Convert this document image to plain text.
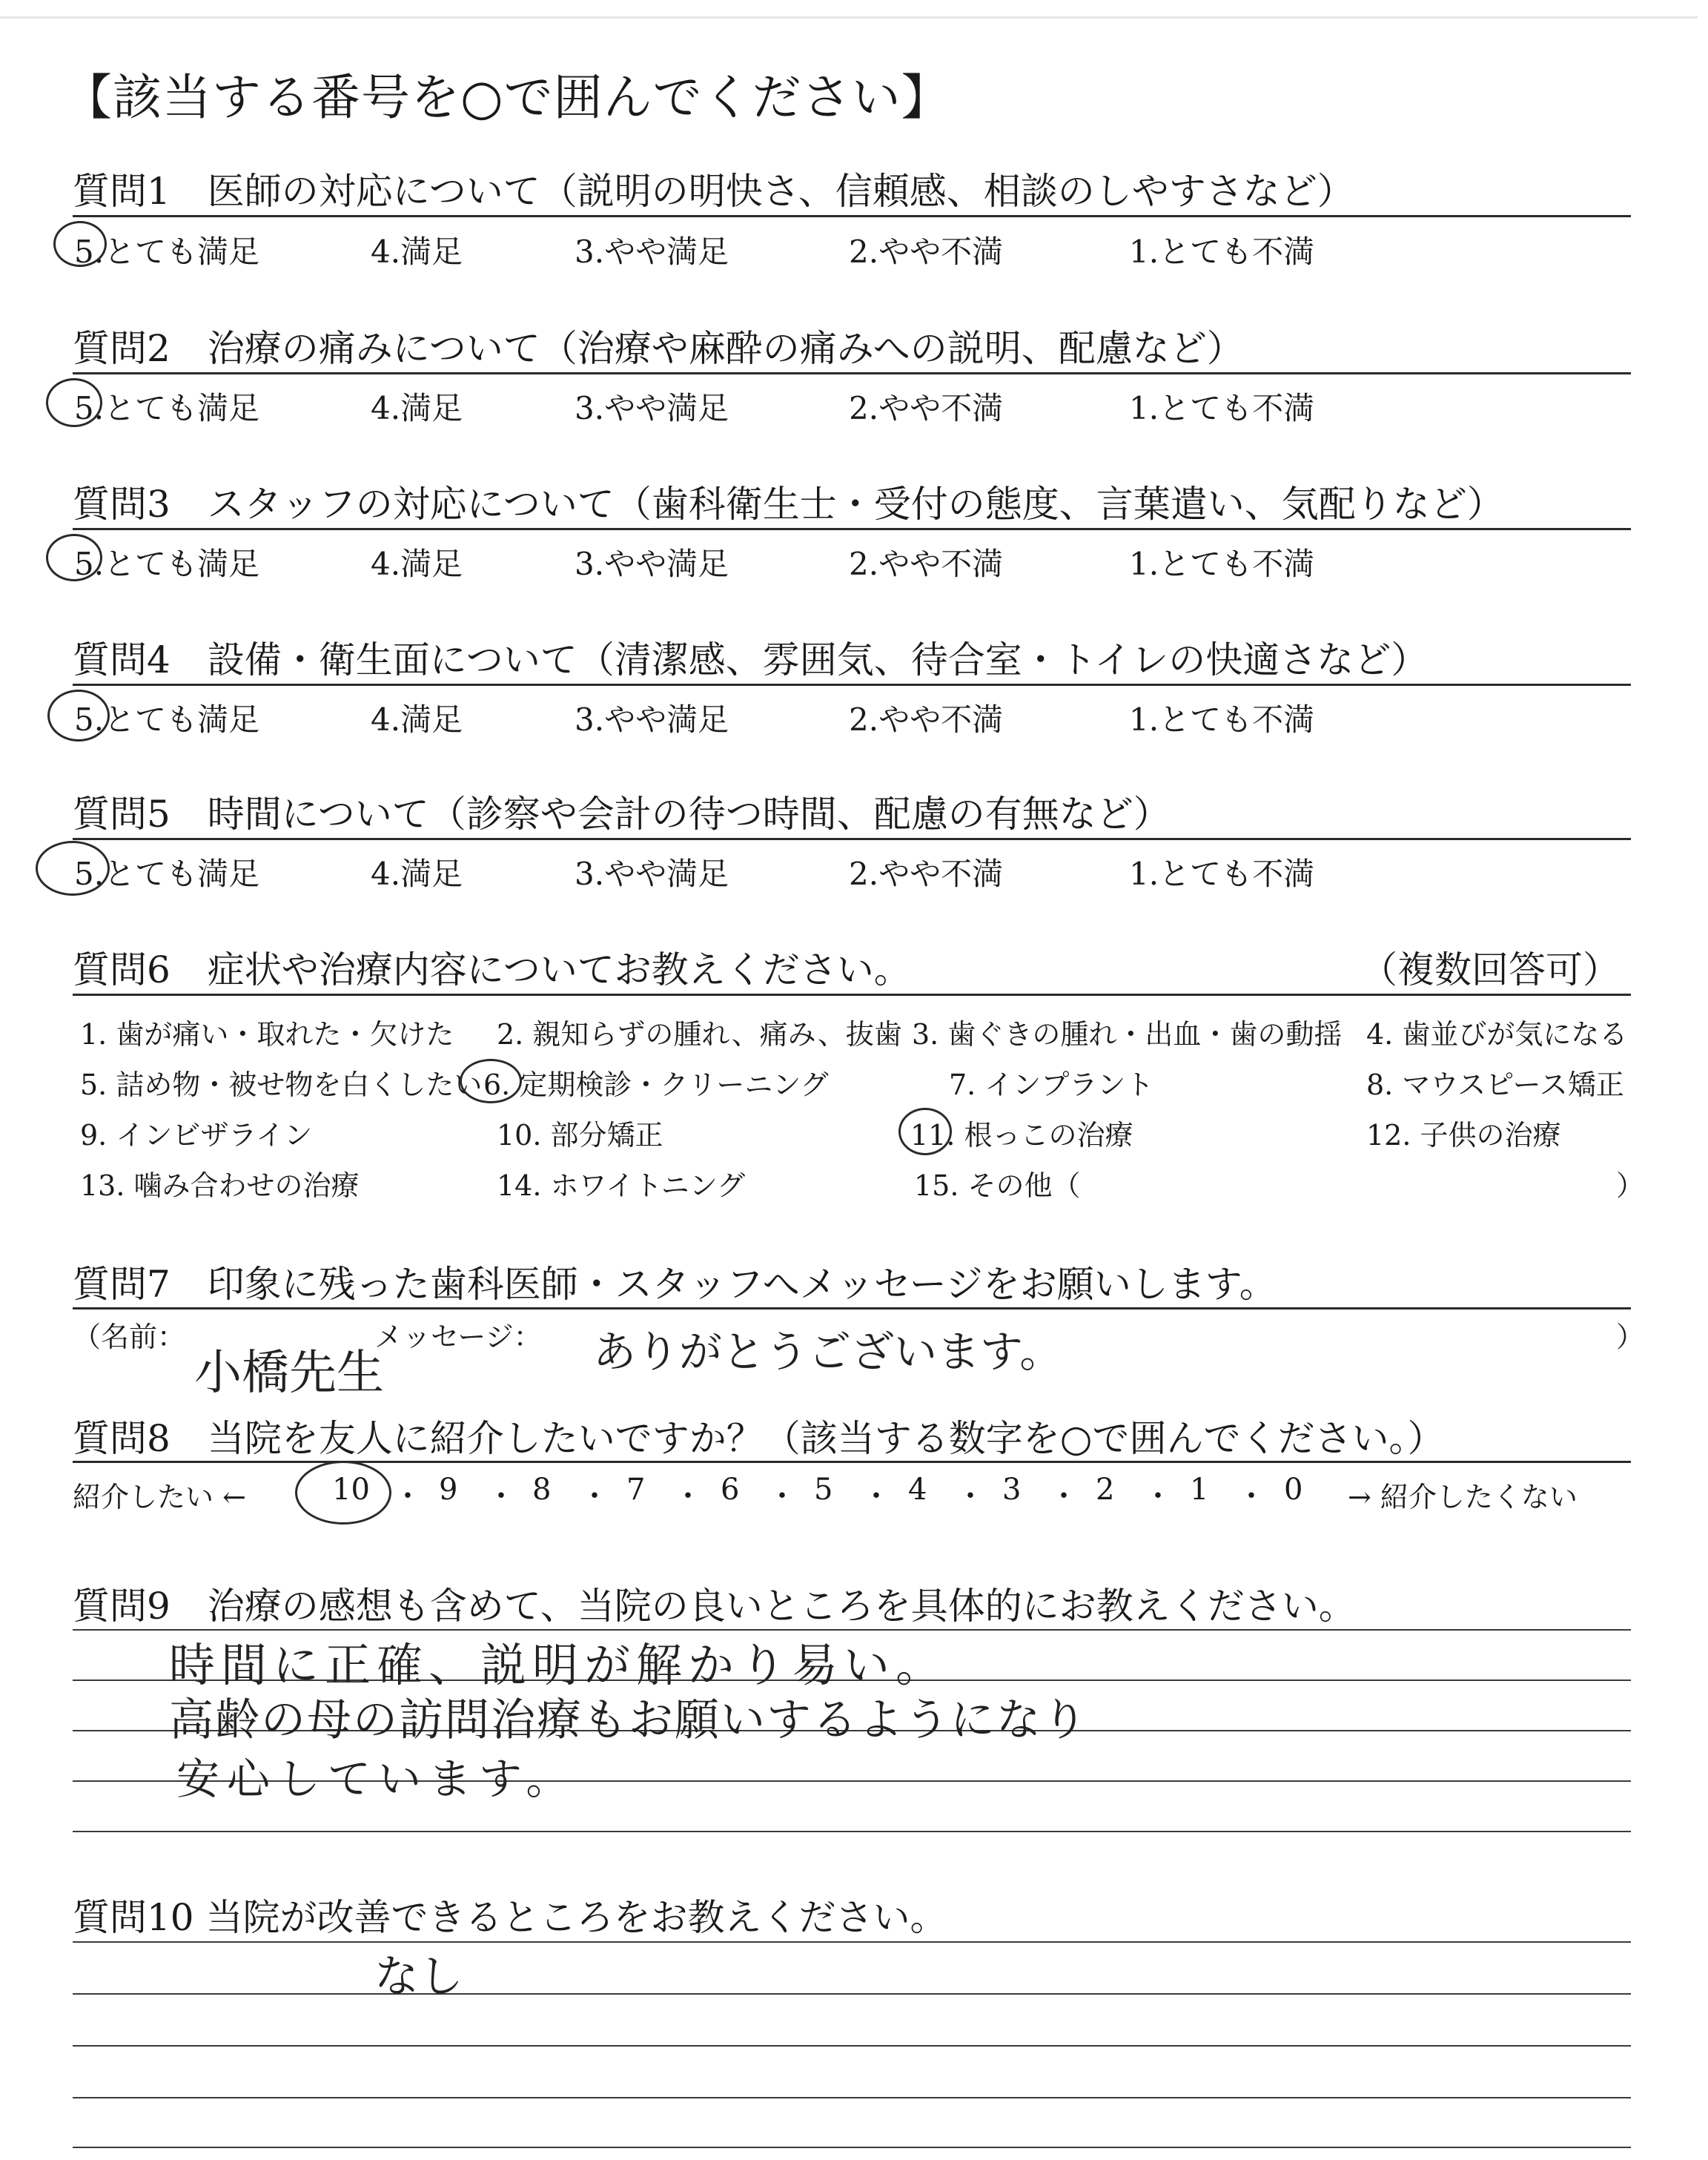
【該当する番号を○で囲んでください】
質問1　医師の対応について（説明の明快さ、信頼感、相談のしやすさなど）
5.とても満足	4.満足	3.やや満足	2.やや不満	1.とても不満
質問2　治療の痛みについて（治療や麻酔の痛みへの説明、配慮など）
5.とても満足	4.満足	3.やや満足	2.やや不満	1.とても不満
質問3　スタッフの対応について（歯科衛生士・受付の態度、言葉遣い、気配りなど）
5.とても満足	4.満足	3.やや満足	2.やや不満	1.とても不満
質問4　設備・衛生面について（清潔感、雰囲気、待合室・トイレの快適さなど）
5.とても満足	4.満足	3.やや満足	2.やや不満	1.とても不満
質問5　時間について（診察や会計の待つ時間、配慮の有無など）
5.とても満足	4.満足	3.やや満足	2.やや不満	1.とても不満
質問6　症状や治療内容についてお教えください。	（複数回答可）
1. 歯が痛い・取れた・欠けた 2. 親知らずの腫れ、痛み、抜歯 3. 歯ぐきの腫れ・出血・歯の動揺 4. 歯並びが気になる
5. 詰め物・被せ物を白くしたい 6. 定期検診・クリーニング	7. インプラント	8. マウスピース矯正
9. インビザライン	10. 部分矯正	11. 根っこの治療	12. 子供の治療
13. 噛み合わせの治療	14. ホワイトニング	15. その他（	）
質問7　印象に残った歯科医師・スタッフへメッセージをお願いします。
（名前：	メッセージ：	）
小橋先生	ありがとうございます。
質問8　当院を友人に紹介したいですか？（該当する数字を○で囲んでください。）
紹介したい ←	→ 紹介したくない
10 ・ 9 ・ 8 ・ 7 ・ 6 ・ 5 ・ 4 ・ 3 ・ 2 ・ 1 ・ 0
質問9　治療の感想も含めて、当院の良いところを具体的にお教えください。
時間に正確、説明が解かり易い。
高齢の母の訪問治療もお願いするようになり
安心しています。
質問10 当院が改善できるところをお教えください。
なし
